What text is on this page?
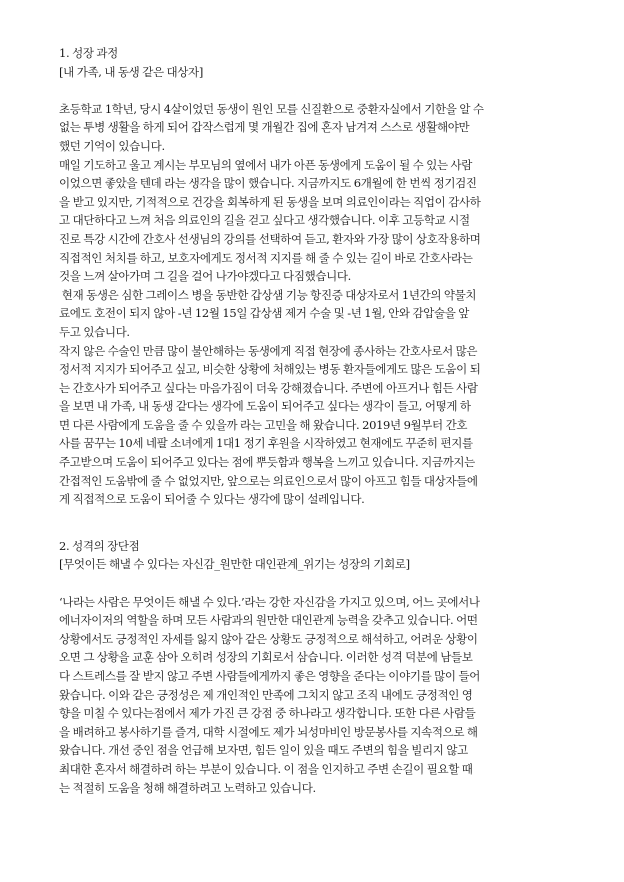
1. 성장 과정
[내 가족, 내 동생 같은 대상자]
초등학교 1학년, 당시 4살이었던 동생이 원인 모를 신질환으로 중환자실에서 기한을 알 수
없는 투병 생활을 하게 되어 갑작스럽게 몇 개월간 집에 혼자 남겨져 스스로 생활해야만
했던 기억이 있습니다.
매일 기도하고 울고 계시는 부모님의 옆에서 내가 아픈 동생에게 도움이 될 수 있는 사람
이었으면 좋았을 텐데 라는 생각을 많이 했습니다. 지금까지도 6개월에 한 번씩 정기검진
을 받고 있지만, 기적적으로 건강을 회복하게 된 동생을 보며 의료인이라는 직업이 감사하
고 대단하다고 느껴 처음 의료인의 길을 걷고 싶다고 생각했습니다. 이후 고등학교 시절
진로 특강 시간에 간호사 선생님의 강의를 선택하여 듣고, 환자와 가장 많이 상호작용하며
직접적인 처치를 하고, 보호자에게도 정서적 지지를 해 줄 수 있는 길이 바로 간호사라는
것을 느껴 살아가며 그 길을 걸어 나가야겠다고 다짐했습니다.
현재 동생은 심한 그레이스 병을 동반한 갑상샘 기능 항진증 대상자로서 1년간의 약물치
료에도 호전이 되지 않아 -년 12월 15일 갑상샘 제거 수술 및 -년 1월, 안와 감압술을 앞
두고 있습니다.
작지 않은 수술인 만큼 많이 불안해하는 동생에게 직접 현장에 종사하는 간호사로서 많은
정서적 지지가 되어주고 싶고, 비슷한 상황에 처해있는 병동 환자들에게도 많은 도움이 되
는 간호사가 되어주고 싶다는 마음가짐이 더욱 강해졌습니다. 주변에 아프거나 힘든 사람
을 보면 내 가족, 내 동생 같다는 생각에 도움이 되어주고 싶다는 생각이 들고, 어떻게 하
면 다른 사람에게 도움을 줄 수 있을까 라는 고민을 해 왔습니다. 2019년 9월부터 간호
사를 꿈꾸는 10세 네팔 소녀에게 1대1 정기 후원을 시작하였고 현재에도 꾸준히 편지를
주고받으며 도움이 되어주고 있다는 점에 뿌듯함과 행복을 느끼고 있습니다. 지금까지는
간접적인 도움밖에 줄 수 없었지만, 앞으로는 의료인으로서 많이 아프고 힘들 대상자들에
게 직접적으로 도움이 되어줄 수 있다는 생각에 많이 설레입니다.
2. 성격의 장단점
[무엇이든 해낼 수 있다는 자신감_원만한 대인관계_위기는 성장의 기회로]
‘나라는 사람은 무엇이든 해낼 수 있다.’라는 강한 자신감을 가지고 있으며, 어느 곳에서나
에너자이저의 역할을 하며 모든 사람과의 원만한 대인관계 능력을 갖추고 있습니다. 어떤
상황에서도 긍정적인 자세를 잃지 않아 같은 상황도 긍정적으로 해석하고, 어려운 상황이
오면 그 상황을 교훈 삼아 오히려 성장의 기회로서 삼습니다. 이러한 성격 덕분에 남들보
다 스트레스를 잘 받지 않고 주변 사람들에게까지 좋은 영향을 준다는 이야기를 많이 들어
왔습니다. 이와 같은 긍정성은 제 개인적인 만족에 그치지 않고 조직 내에도 긍정적인 영
향을 미칠 수 있다는점에서 제가 가진 큰 강점 중 하나라고 생각합니다. 또한 다른 사람들
을 배려하고 봉사하기를 즐겨, 대학 시절에도 제가 뇌성마비인 방문봉사를 지속적으로 해
왔습니다. 개선 중인 점을 언급해 보자면, 힘든 일이 있을 때도 주변의 힘을 빌리지 않고
최대한 혼자서 해결하려 하는 부분이 있습니다. 이 점을 인지하고 주변 손길이 필요할 때
는 적절히 도움을 청해 해결하려고 노력하고 있습니다.
